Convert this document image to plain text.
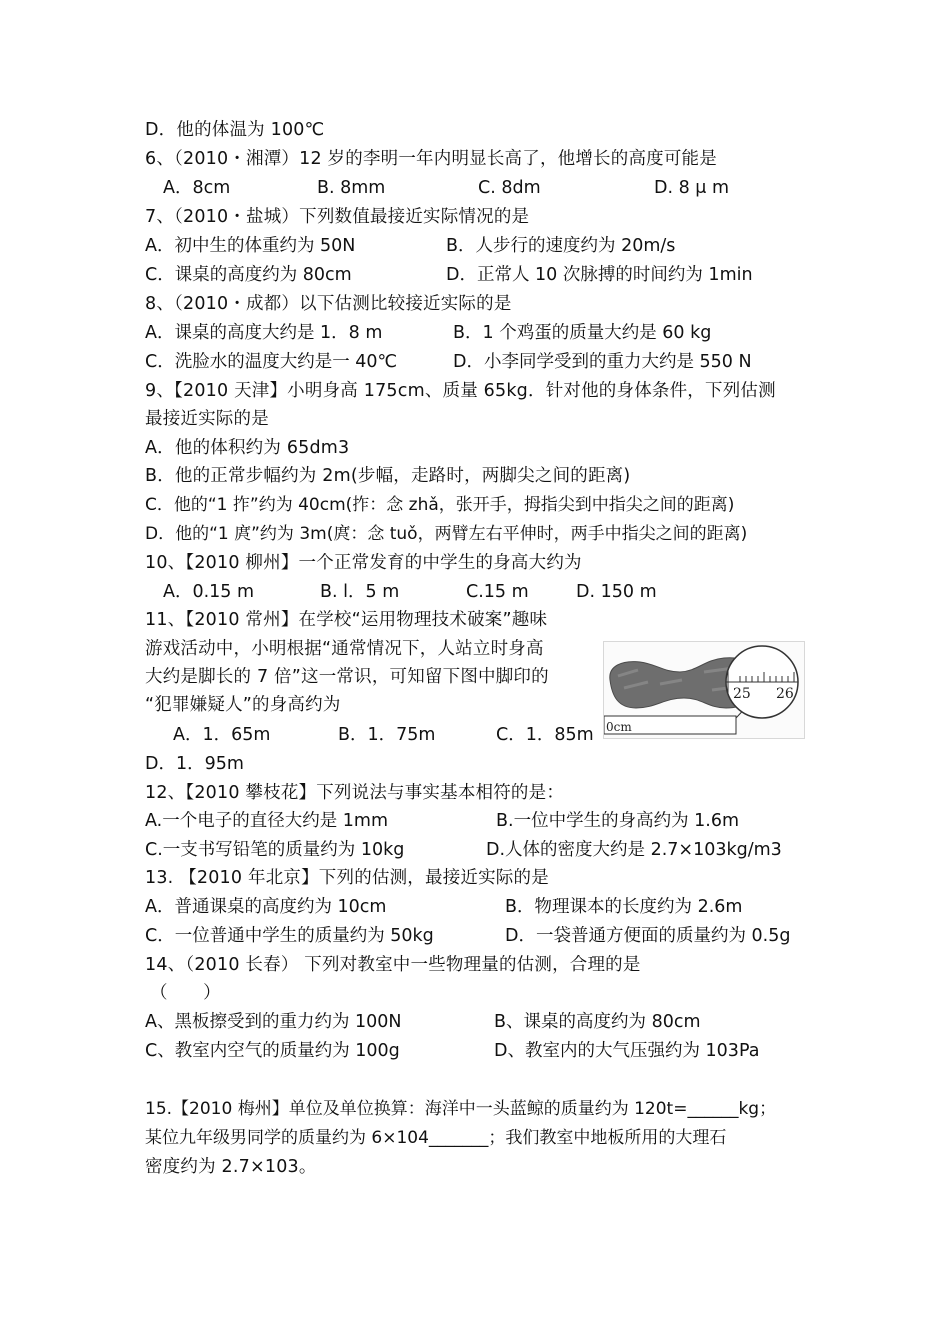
D．他的体温为 100℃
6、（2010・湘潭）12 岁的李明一年内明显长高了，他增长的高度可能是
A．8cm	B. 8mm	C. 8dm	D. 8 μ m
7、（2010・盐城）下列数值最接近实际情况的是
A．初中生的体重约为 50N	B．人步行的速度约为 20m/s
C．课桌的高度约为 80cm	D．正常人 10 次脉搏的时间约为 1min
8、（2010・成都）以下估测比较接近实际的是
A．课桌的高度大约是 1．8 m	B．1 个鸡蛋的质量大约是 60 kg
C．洗脸水的温度大约是一 40℃	D．小李同学受到的重力大约是 550 N
9、【2010 天津】小明身高 175cm、质量 65kg．针对他的身体条件，下列估测
最接近实际的是
A．他的体积约为 65dm3
B．他的正常步幅约为 2m(步幅，走路时，两脚尖之间的距离)
C．他的“1 拃”约为 40cm(拃：念 zhǎ，张开手，拇指尖到中指尖之间的距离)
D．他的“1 庹”约为 3m(庹：念 tuǒ，两臂左右平伸时，两手中指尖之间的距离)
10、【2010 柳州】一个正常发育的中学生的身高大约为
A．0.15 m	B. l．5 m	C.15 m	D. 150 m
11、【2010 常州】在学校“运用物理技术破案”趣味
游戏活动中，小明根据“通常情况下，人站立时身高
大约是脚长的 7 倍”这一常识，可知留下图中脚印的
“犯罪嫌疑人”的身高约为
A．1．65m	B．1．75m	C．1．85m
D．1．95m
0cm
25 26
12、【2010 攀枝花】下列说法与事实基本相符的是：
A.一个电子的直径大约是 1mm	B.一位中学生的身高约为 1.6m
C.一支书写铅笔的质量约为 10kg	D.人体的密度大约是 2.7×103kg/m3
13. 【2010 年北京】下列的估测，最接近实际的是
A．普通课桌的高度约为 10cm	B．物理课本的长度约为 2.6m
C．一位普通中学生的质量约为 50kg	D．一袋普通方便面的质量约为 0.5g
14、（2010 长春） 下列对教室中一些物理量的估测，合理的是
（　　）
A、黑板擦受到的重力约为 100N	B、课桌的高度约为 80cm
C、教室内空气的质量约为 100g	D、教室内的大气压强约为 103Pa
15.【2010 梅州】单位及单位换算：海洋中一头蓝鲸的质量约为 120t=______kg；
某位九年级男同学的质量约为 6×104_______；我们教室中地板所用的大理石
密度约为 2.7×103。
